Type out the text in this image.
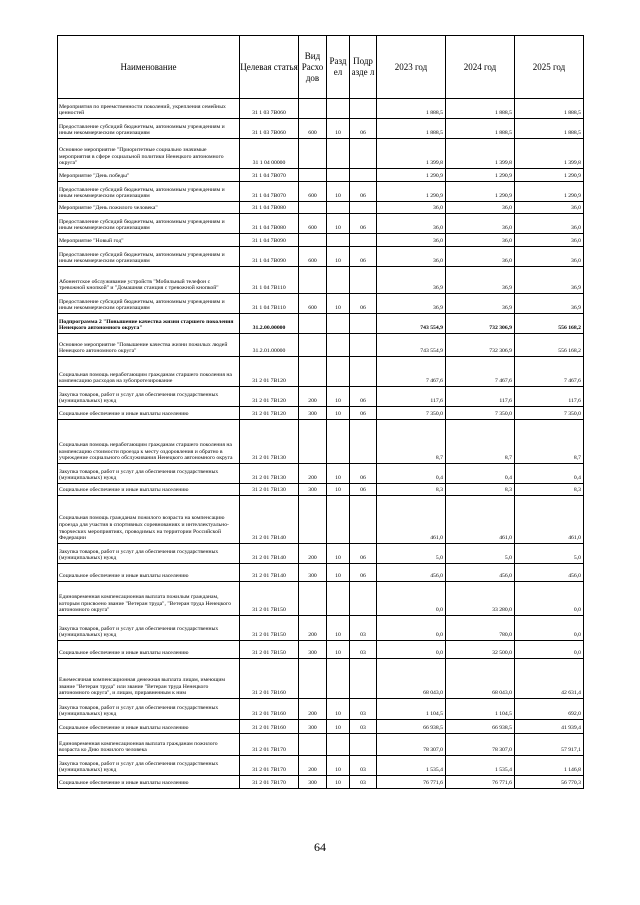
Наименование	Целевая статья	Вид Расхо дов	Разд ел	Подр азде л	2023 год	2024 год	2025 год
Мероприятия по преемственности поколений, укрепления семейных ценностей	31 1 03 7В060				1 888,5	1 888,5	1 888,5
Предоставление субсидий бюджетным, автономным учреждениям и иным некоммерческим организациям	31 1 03 7В060	600	10	06	1 888,5	1 888,5	1 888,5
Основное мероприятие "Приоритетные социально значимые мероприятия в сфере социальной политики Ненецкого автономного округа"	31 1 04 00000				1 399,8	1 399,8	1 399,8
Мероприятие "День победы"	31 1 04 7В070				1 290,9	1 290,9	1 290,9
Предоставление субсидий бюджетным, автономным учреждениям и иным некоммерческим организациям	31 1 04 7В070	600	10	06	1 290,9	1 290,9	1 290,9
Мероприятие "День пожилого человека"	31 1 04 7В080				36,0	36,0	36,0
Предоставление субсидий бюджетным, автономным учреждениям и иным некоммерческим организациям	31 1 04 7В080	600	10	06	36,0	36,0	36,0
Мероприятие "Новый год"	31 1 04 7В090				36,0	36,0	36,0
Предоставление субсидий бюджетным, автономным учреждениям и иным некоммерческим организациям	31 1 04 7В090	600	10	06	36,0	36,0	36,0
Абонентское обслуживание устройств "Мобильный телефон с тревожной кнопкой" и "Домашняя станция с тревожной кнопкой"	31 1 04 7В110				36,9	36,9	36,9
Предоставление субсидий бюджетным, автономным учреждениям и иным некоммерческим организациям	31 1 04 7В110	600	10	06	36,9	36,9	36,9
Подпрограмма 2 "Повышение качества жизни старшего поколения Ненецкого автономного округа"	31.2.00.00000				743 554,9	732 306,9	556 168,2
Основное мероприятие "Повышение качества жизни пожилых людей Ненецкого автономного округа"	31.2.01.00000				743 554,9	732 306,9	556 168,2
Социальная помощь неработающим гражданам старшего поколения на компенсацию расходов на зубопротезирование	31 2 01 7В120				7 467,6	7 467,6	7 467,6
Закупка товаров, работ и услуг для обеспечения государственных (муниципальных) нужд	31 2 01 7В120	200	10	06	117,6	117,6	117,6
Социальное обеспечение и иные выплаты населению	31 2 01 7В120	300	10	06	7 350,0	7 350,0	7 350,0
Социальная помощь неработающим гражданам старшего поколения на компенсацию стоимости проезда к месту оздоровления и обратно в учреждение социального обслуживания Ненецкого автономного округа	31 2 01 7В130				8,7	8,7	8,7
Закупка товаров, работ и услуг для обеспечения государственных (муниципальных) нужд	31 2 01 7В130	200	10	06	0,4	0,4	0,4
Социальное обеспечение и иные выплаты населению	31 2 01 7В130	300	10	06	8,3	8,3	8,3
Социальная помощь гражданам пожилого возраста на компенсацию проезда для участия в спортивных соревнованиях и интеллектуально-творческих мероприятиях, проводимых на территории Российской Федерации	31 2 01 7В140				461,0	461,0	461,0
Закупка товаров, работ и услуг для обеспечения государственных (муниципальных) нужд	31 2 01 7В140	200	10	06	5,0	5,0	5,0
Социальное обеспечение и иные выплаты населению	31 2 01 7В140	300	10	06	456,0	456,0	456,0
Единовременная компенсационная выплата пожилым гражданам, которым присвоено звание "Ветеран труда", "Ветеран труда Ненецкого автономного округа"	31 2 01 7В150				0,0	33 280,0	0,0
Закупка товаров, работ и услуг для обеспечения государственных (муниципальных) нужд	31 2 01 7В150	200	10	03	0,0	780,0	0,0
Социальное обеспечение и иные выплаты населению	31 2 01 7В150	300	10	03	0,0	32 500,0	0,0
Ежемесячная компенсационная денежная выплата лицам, имеющим звание "Ветеран труда" или звание "Ветеран труда Ненецкого автономного округа", и лицам, приравненным к ним	31 2 01 7В160				68 043,0	68 043,0	42 631,4
Закупка товаров, работ и услуг для обеспечения государственных (муниципальных) нужд	31 2 01 7В160	200	10	03	1 104,5	1 104,5	692,0
Социальное обеспечение и иные выплаты населению	31 2 01 7В160	300	10	03	66 938,5	66 938,5	41 939,4
Единовременная компенсационная выплата гражданам пожилого возраста ко Дню пожилого человека	31 2 01 7В170				78 307,0	78 307,0	57 917,1
Закупка товаров, работ и услуг для обеспечения государственных (муниципальных) нужд	31 2 01 7В170	200	10	03	1 535,4	1 535,4	1 146,8
Социальное обеспечение и иные выплаты населению	31 2 01 7В170	300	10	03	76 771,6	76 771,6	56 770,3
64
